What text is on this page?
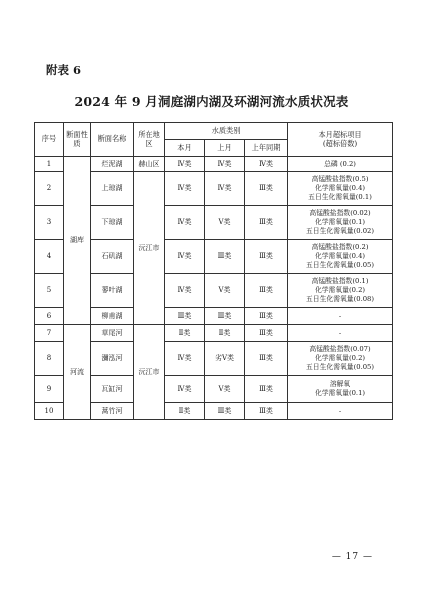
附表 6
2024 年 9 月洞庭湖内湖及环湖河流水质状况表
序号	断面性质	断面名称	所在地区	水质类别			本月超标项目
(超标倍数)
				本月	上月	上年同期	
1	湖库	烂泥湖	赫山区	Ⅳ类	Ⅳ类	Ⅳ类	总磷 (0.2)

2		上琼湖	沅江市	Ⅳ类	Ⅳ类	Ⅲ类	高锰酸盐指数(0.5)
化学需氧量(0.4)
五日生化需氧量(0.1)

3		下琼湖		Ⅳ类	Ⅴ类	Ⅲ类	高锰酸盐指数(0.02)
化学需氧量(0.1)
五日生化需氧量(0.02)

4		石矶湖		Ⅳ类	Ⅲ类	Ⅲ类	高锰酸盐指数(0.2)
化学需氧量(0.4)
五日生化需氧量(0.05)

5		蓼叶湖		Ⅳ类	Ⅴ类	Ⅲ类	高锰酸盐指数(0.1)
化学需氧量(0.2)
五日生化需氧量(0.08)

6		柳甫湖		Ⅲ类	Ⅲ类	Ⅲ类	-

7	河流	草尾河	沅江市	Ⅱ类	Ⅱ类	Ⅲ类	-

8		瀰泓河		Ⅳ类	劣Ⅴ类	Ⅲ类	高锰酸盐指数(0.07)
化学需氧量(0.2)
五日生化需氧量(0.05)

9		瓦缸河		Ⅳ类	Ⅴ类	Ⅲ类	溶解氧
化学需氧量(0.1)

10		蒿竹河		Ⅱ类	Ⅲ类	Ⅲ类	-
— 17 —
